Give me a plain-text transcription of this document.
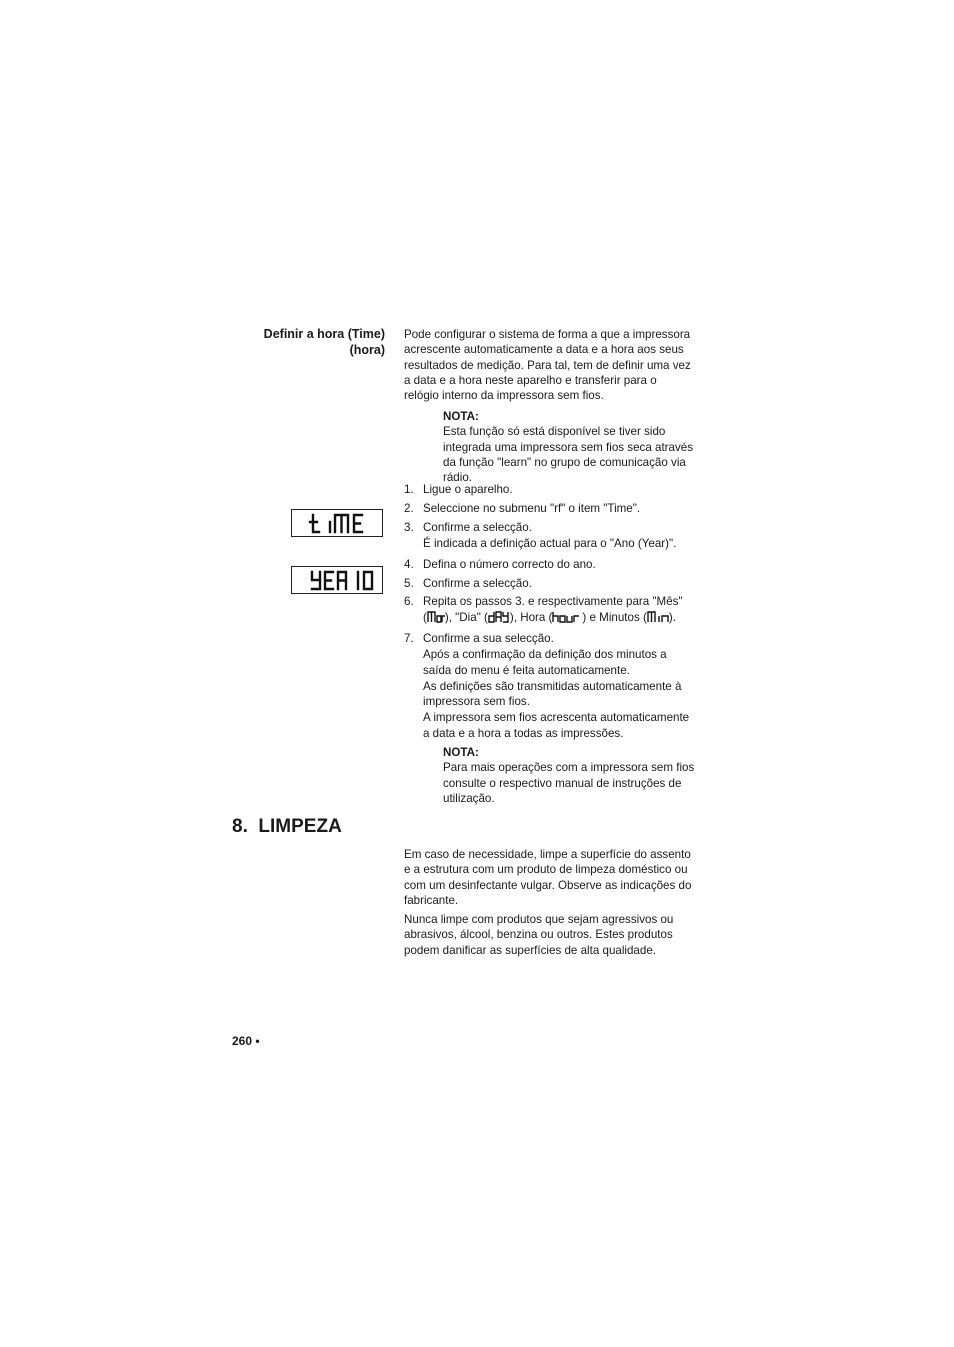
Definir a hora (Time)
(hora)
Pode configurar o sistema de forma a que a impressora acrescente automaticamente a data e a hora aos seus resultados de medição. Para tal, tem de definir uma vez a data e a hora neste aparelho e transferir para o relógio interno da impressora sem fios.
NOTA:
Esta função só está disponível se tiver sido integrada uma impressora sem fios seca através da função "learn" no grupo de comunicação via rádio.
1. Ligue o aparelho.
2. Seleccione no submenu "rf" o item "Time".
3. Confirme a selecção.
É indicada a definição actual para o "Ano (Year)".
4. Defina o número correcto do ano.
5. Confirme a selecção.
6. Repita os passos 3. e respectivamente para "Mês"
( ), "Dia" ( ), Hora (	) e Minutos ( ).
7. Confirme a sua selecção.
Após a confirmação da definição dos minutos a saída do menu é feita automaticamente.
As definições são transmitidas automaticamente à impressora sem fios.
A impressora sem fios acrescenta automaticamente a data e a hora a todas as impressões.
NOTA:
Para mais operações com a impressora sem fios consulte o respectivo manual de instruções de utilização.
8.  LIMPEZA
Em caso de necessidade, limpe a superfície do assento e a estrutura com um produto de limpeza doméstico ou com um desinfectante vulgar. Observe as indicações do fabricante.
Nunca limpe com produtos que sejam agressivos ou abrasivos, álcool, benzina ou outros. Estes produtos podem danificar as superfícies de alta qualidade.
260 •
